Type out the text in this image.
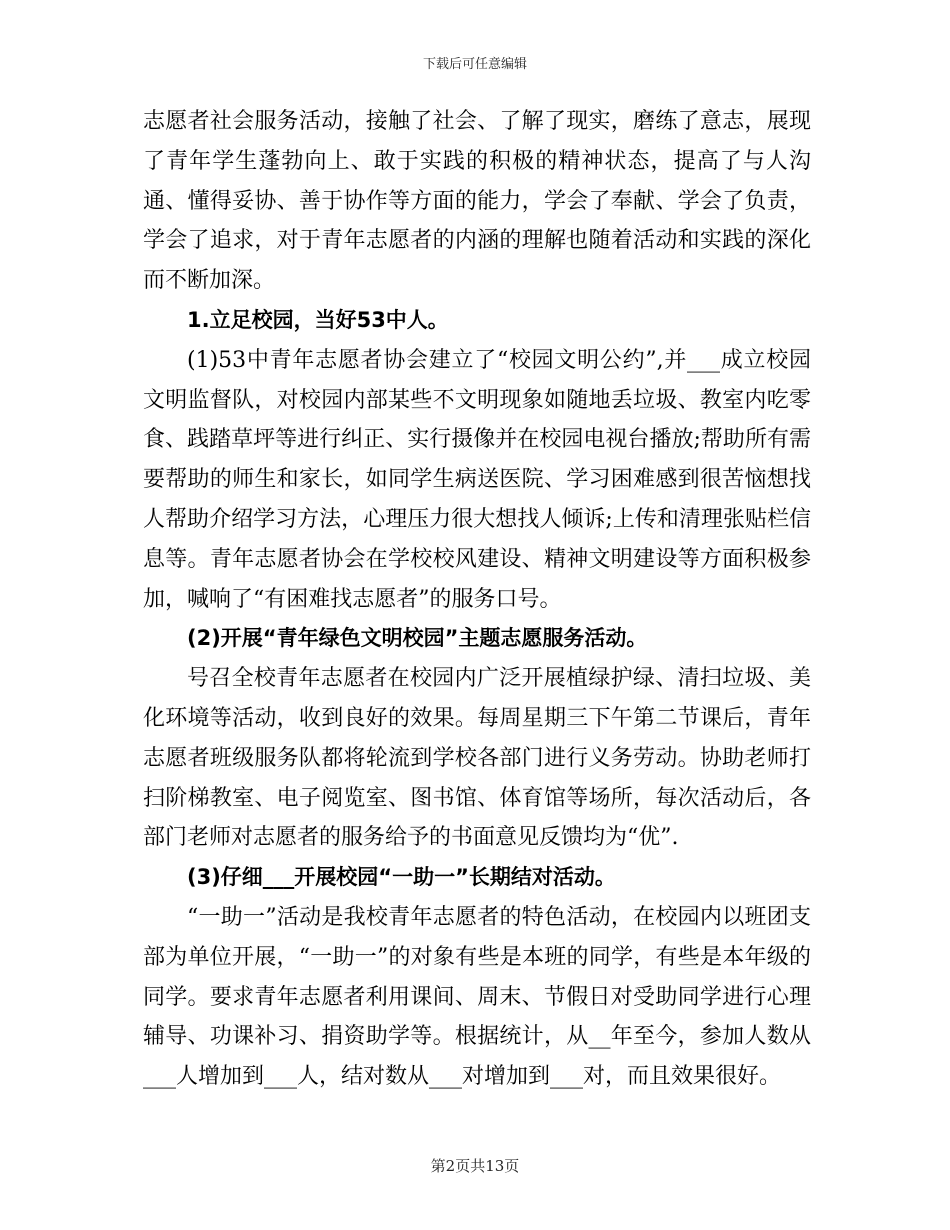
下载后可任意编辑

志愿者社会服务活动，接触了社会、了解了现实，磨练了意志，展现了青年学生蓬勃向上、敢于实践的积极的精神状态，提高了与人沟通、懂得妥协、善于协作等方面的能力，学会了奉献、学会了负责，学会了追求，对于青年志愿者的内涵的理解也随着活动和实践的深化而不断加深。

1.立足校园，当好53中人。

(1)53中青年志愿者协会建立了“校园文明公约”,并___成立校园文明监督队，对校园内部某些不文明现象如随地丢垃圾、教室内吃零食、践踏草坪等进行纠正、实行摄像并在校园电视台播放;帮助所有需要帮助的师生和家长，如同学生病送医院、学习困难感到很苦恼想找人帮助介绍学习方法，心理压力很大想找人倾诉;上传和清理张贴栏信息等。青年志愿者协会在学校校风建设、精神文明建设等方面积极参加，喊响了“有困难找志愿者”的服务口号。

(2)开展“青年绿色文明校园”主题志愿服务活动。

号召全校青年志愿者在校园内广泛开展植绿护绿、清扫垃圾、美化环境等活动，收到良好的效果。每周星期三下午第二节课后，青年志愿者班级服务队都将轮流到学校各部门进行义务劳动。协助老师打扫阶梯教室、电子阅览室、图书馆、体育馆等场所，每次活动后，各部门老师对志愿者的服务给予的书面意见反馈均为“优”.

(3)仔细___开展校园“一助一”长期结对活动。

“一助一”活动是我校青年志愿者的特色活动，在校园内以班团支部为单位开展，“一助一”的对象有些是本班的同学，有些是本年级的同学。要求青年志愿者利用课间、周末、节假日对受助同学进行心理辅导、功课补习、捐资助学等。根据统计，从__年至今，参加人数从___人增加到___人，结对数从___对增加到___对，而且效果很好。

第2页共13页
